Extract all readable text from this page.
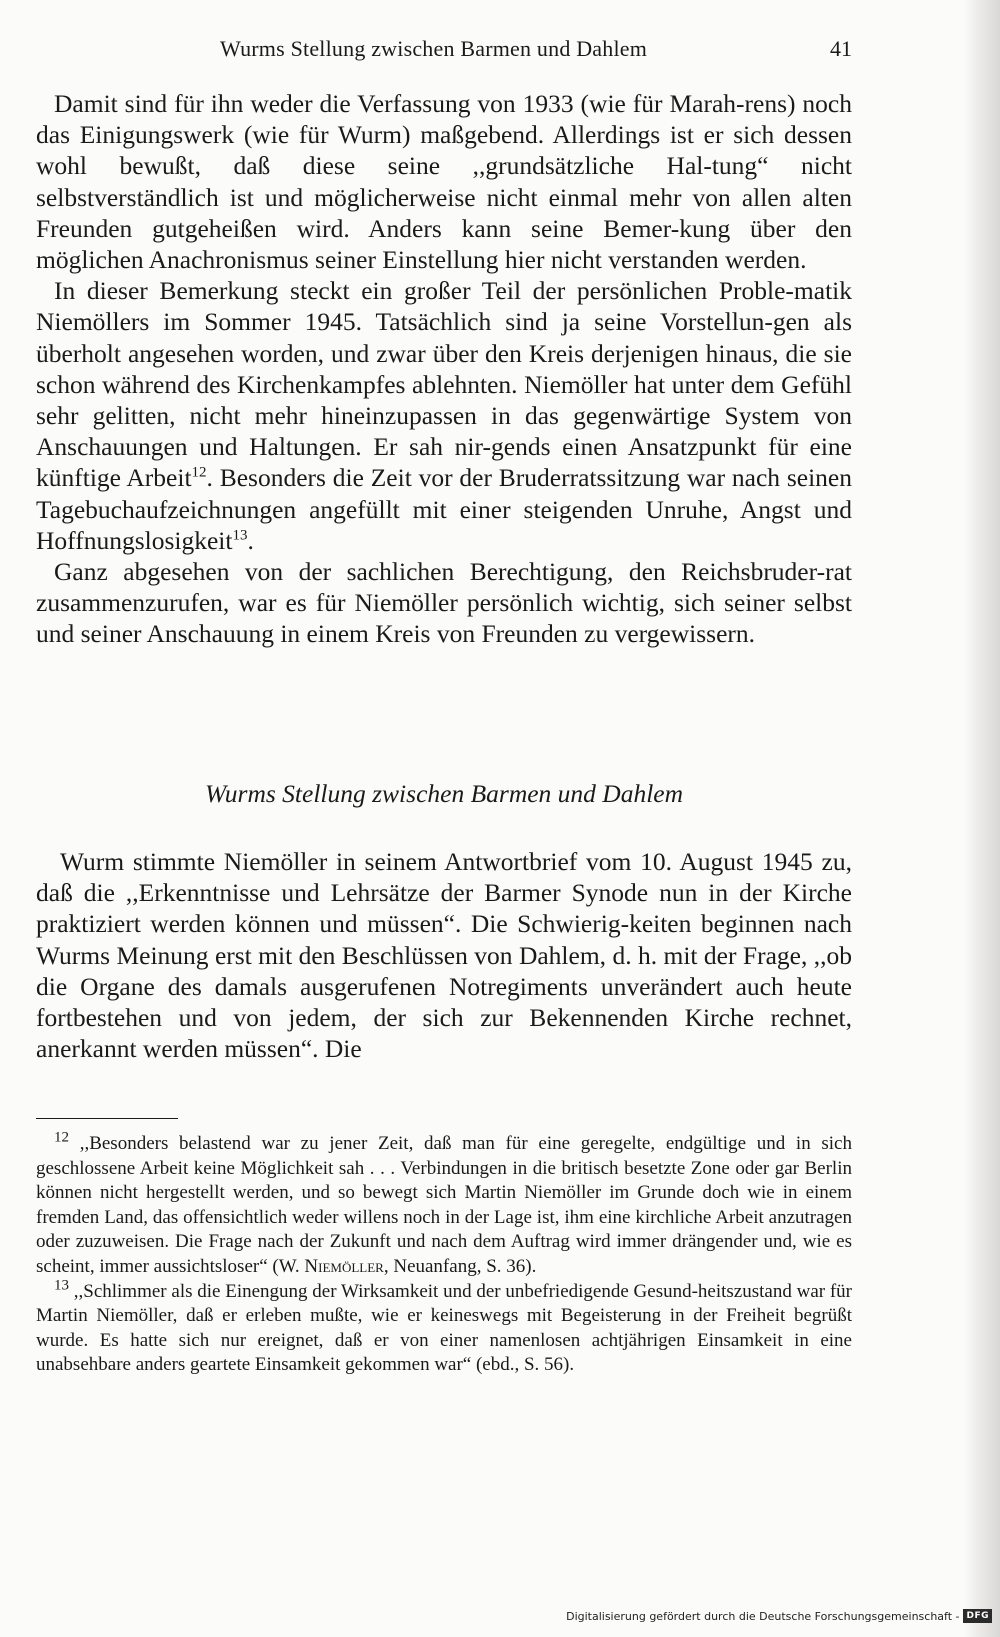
Wurms Stellung zwischen Barmen und Dahlem	41

Damit sind für ihn weder die Verfassung von 1933 (wie für Marah-rens) noch das Einigungswerk (wie für Wurm) maßgebend. Allerdings ist er sich dessen wohl bewußt, daß diese seine ,,grundsätzliche Hal-tung“ nicht selbstverständlich ist und möglicherweise nicht einmal mehr von allen alten Freunden gutgeheißen wird. Anders kann seine Bemer-kung über den möglichen Anachronismus seiner Einstellung hier nicht verstanden werden.

In dieser Bemerkung steckt ein großer Teil der persönlichen Proble-matik Niemöllers im Sommer 1945. Tatsächlich sind ja seine Vorstellun-gen als überholt angesehen worden, und zwar über den Kreis derjenigen hinaus, die sie schon während des Kirchenkampfes ablehnten. Niemöller hat unter dem Gefühl sehr gelitten, nicht mehr hineinzupassen in das gegenwärtige System von Anschauungen und Haltungen. Er sah nir-gends einen Ansatzpunkt für eine künftige Arbeit$^{12}$. Besonders die Zeit vor der Bruderratssitzung war nach seinen Tagebuchaufzeichnungen angefüllt mit einer steigenden Unruhe, Angst und Hoffnungslosigkeit$^{13}$.

Ganz abgesehen von der sachlichen Berechtigung, den Reichsbruder-rat zusammenzurufen, war es für Niemöller persönlich wichtig, sich seiner selbst und seiner Anschauung in einem Kreis von Freunden zu vergewissern.

Wurms Stellung zwischen Barmen und Dahlem

Wurm stimmte Niemöller in seinem Antwortbrief vom 10. August 1945 zu, daß die ,,Erkenntnisse und Lehrsätze der Barmer Synode nun in der Kirche praktiziert werden können und müssen“. Die Schwierig-keiten beginnen nach Wurms Meinung erst mit den Beschlüssen von Dahlem, d. h. mit der Frage, ,,ob die Organe des damals ausgerufenen Notregiments unverändert auch heute fortbestehen und von jedem, der sich zur Bekennenden Kirche rechnet, anerkannt werden müssen“. Die

$^{12}$ ,,Besonders belastend war zu jener Zeit, daß man für eine geregelte, endgültige und in sich geschlossene Arbeit keine Möglichkeit sah . . . Verbindungen in die britisch besetzte Zone oder gar Berlin können nicht hergestellt werden, und so bewegt sich Martin Niemöller im Grunde doch wie in einem fremden Land, das offensichtlich weder willens noch in der Lage ist, ihm eine kirchliche Arbeit anzutragen oder zuzuweisen. Die Frage nach der Zukunft und nach dem Auftrag wird immer drängender und, wie es scheint, immer aussichtsloser“ (W. Niemöller, Neuanfang, S. 36).

$^{13}$ ,,Schlimmer als die Einengung der Wirksamkeit und der unbefriedigende Gesund-heitszustand war für Martin Niemöller, daß er erleben mußte, wie er keineswegs mit Begeisterung in der Freiheit begrüßt wurde. Es hatte sich nur ereignet, daß er von einer namenlosen achtjährigen Einsamkeit in eine unabsehbare anders geartete Einsamkeit gekommen war“ (ebd., S. 56).

Digitalisierung gefördert durch die Deutsche Forschungsgemeinschaft - DFG
